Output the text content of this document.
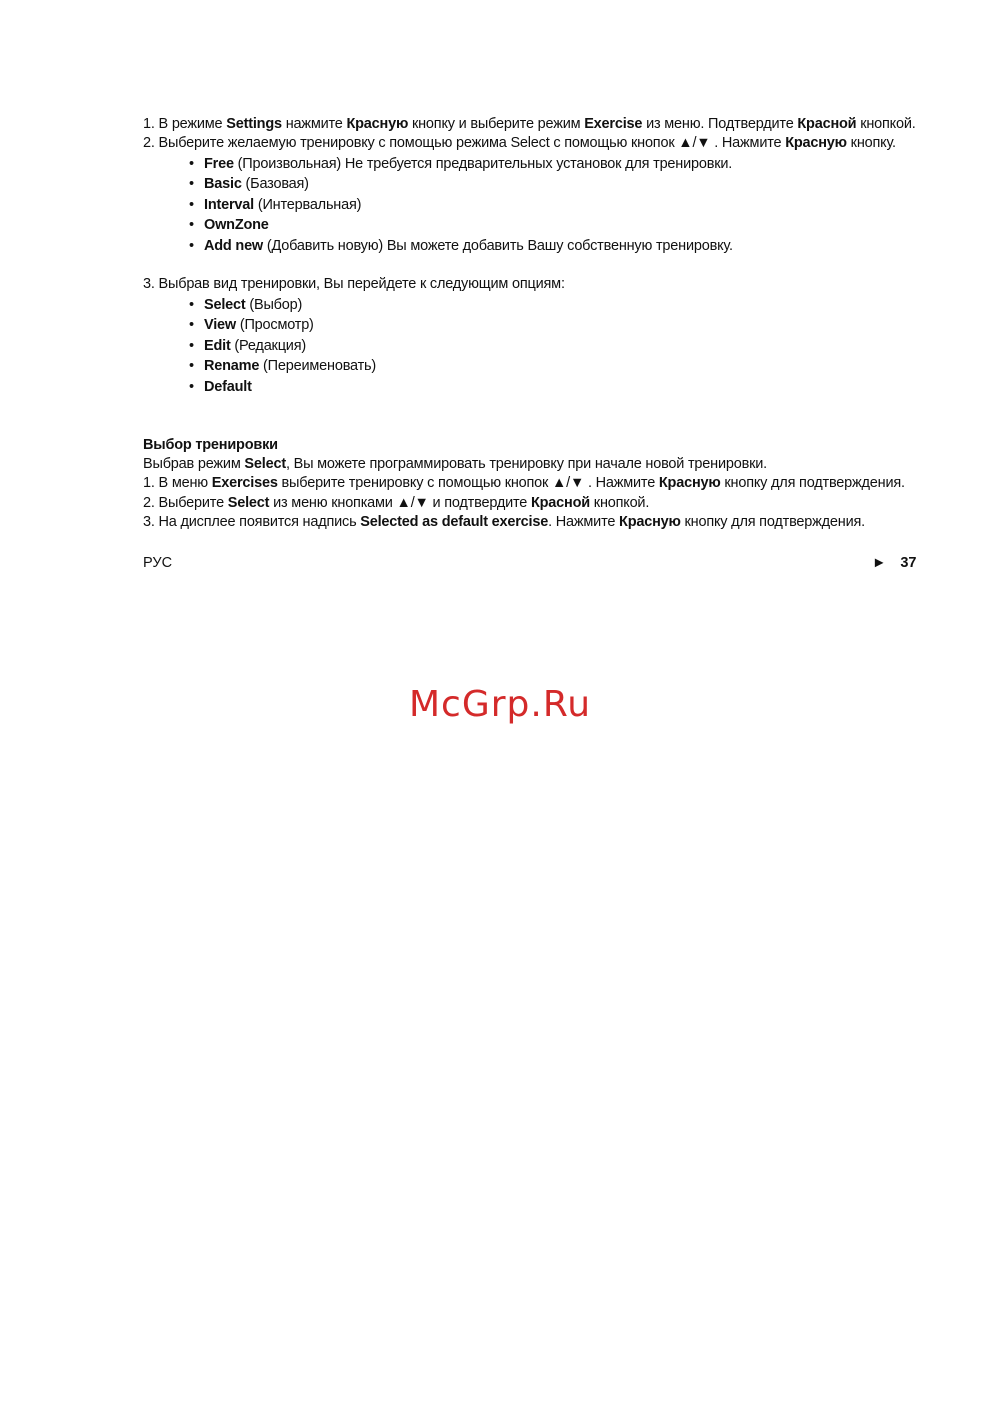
1. В режиме Settings нажмите Красную кнопку и выберите режим Exercise из меню. Подтвердите Красной кнопкой.
2. Выберите желаемую тренировку с помощью режима Select с помощью кнопок ▲/▼ . Нажмите Красную кнопку.
• Free (Произвольная) Не требуется предварительных установок для тренировки.
• Basic (Базовая)
• Interval (Интервальная)
• OwnZone
• Add new (Добавить новую) Вы можете добавить Вашу собственную тренировку.
3. Выбрав вид тренировки, Вы перейдете к следующим опциям:
• Select (Выбор)
• View (Просмотр)
• Edit (Редакция)
• Rename (Переименовать)
• Default
Выбор тренировки
Выбрав режим Select, Вы можете программировать тренировку при начале новой тренировки.
1. В меню Exercises выберите тренировку с помощью кнопок ▲/▼ . Нажмите Красную кнопку для подтверждения.
2. Выберите Select из меню кнопками ▲/▼ и подтвердите Красной кнопкой.
3. На дисплее появится надпись Selected as default exercise. Нажмите Красную кнопку для подтверждения.
РУС	► 37
McGrp.Ru
